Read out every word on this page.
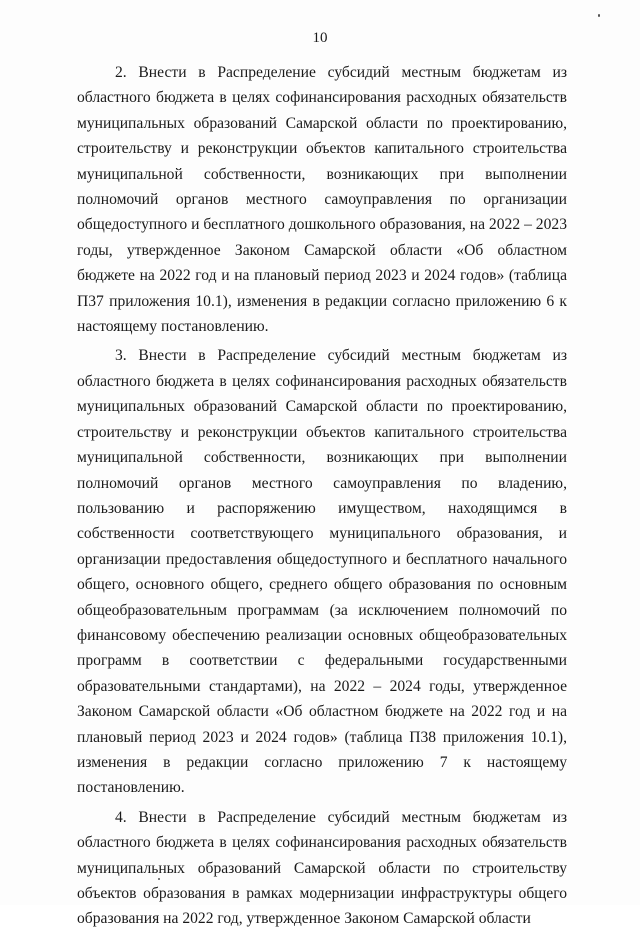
10

2. Внести в Распределение субсидий местным бюджетам из областного бюджета в целях софинансирования расходных обязательств муниципальных образований Самарской области по проектированию, строительству и реконструкции объектов капитального строительства муниципальной собственности, возникающих при выполнении полномочий органов местного самоуправления по организации общедоступного и бесплатного дошкольного образования, на 2022 – 2023 годы, утвержденное Законом Самарской области «Об областном бюджете на 2022 год и на плановый период 2023 и 2024 годов» (таблица П37 приложения 10.1), изменения в редакции согласно приложению 6 к настоящему постановлению.

3. Внести в Распределение субсидий местным бюджетам из областного бюджета в целях софинансирования расходных обязательств муниципальных образований Самарской области по проектированию, строительству и реконструкции объектов капитального строительства муниципальной собственности, возникающих при выполнении полномочий органов местного самоуправления по владению, пользованию и распоряжению имуществом, находящимся в собственности соответствующего муниципального образования, и организации предоставления общедоступного и бесплатного начального общего, основного общего, среднего общего образования по основным общеобразовательным программам (за исключением полномочий по финансовому обеспечению реализации основных общеобразовательных программ в соответствии с федеральными государственными образовательными стандартами), на 2022 – 2024 годы, утвержденное Законом Самарской области «Об областном бюджете на 2022 год и на плановый период 2023 и 2024 годов» (таблица П38 приложения 10.1), изменения в редакции согласно приложению 7 к настоящему постановлению.

4. Внести в Распределение субсидий местным бюджетам из областного бюджета в целях софинансирования расходных обязательств муниципальных образований Самарской области по строительству объектов образования в рамках модернизации инфраструктуры общего образования на 2022 год, утвержденное Законом Самарской области
